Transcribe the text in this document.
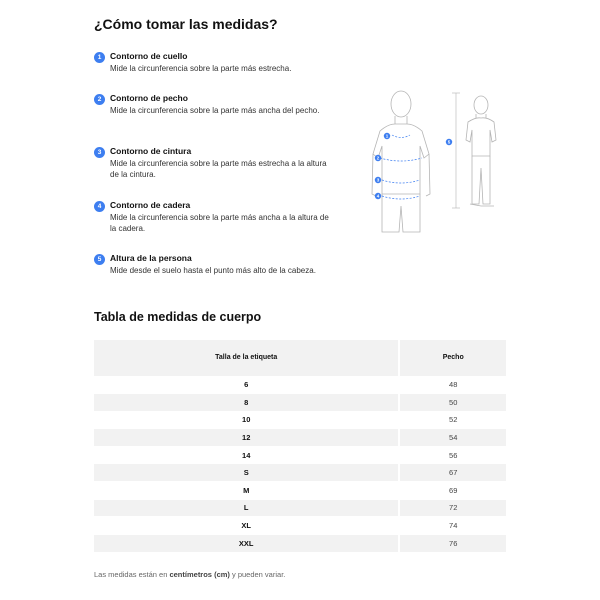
¿Cómo tomar las medidas?
1	Contorno de cuello
Mide la circunferencia sobre la parte más estrecha.
2	Contorno de pecho
Mide la circunferencia sobre la parte más ancha del pecho.
3	Contorno de cintura
Mide la circunferencia sobre la parte más estrecha a la altura de la cintura.
4	Contorno de cadera
Mide la circunferencia sobre la parte más ancha a la altura de la cadera.
5	Altura de la persona
Mide desde el suelo hasta el punto más alto de la cabeza.
1
2
3
4
5
Tabla de medidas de cuerpo
Talla de la etiqueta	Pecho
6	48
8	50
10	52
12	54
14	56
S	67
M	69
L	72
XL	74
XXL	76
Las medidas están en centímetros (cm) y pueden variar.
